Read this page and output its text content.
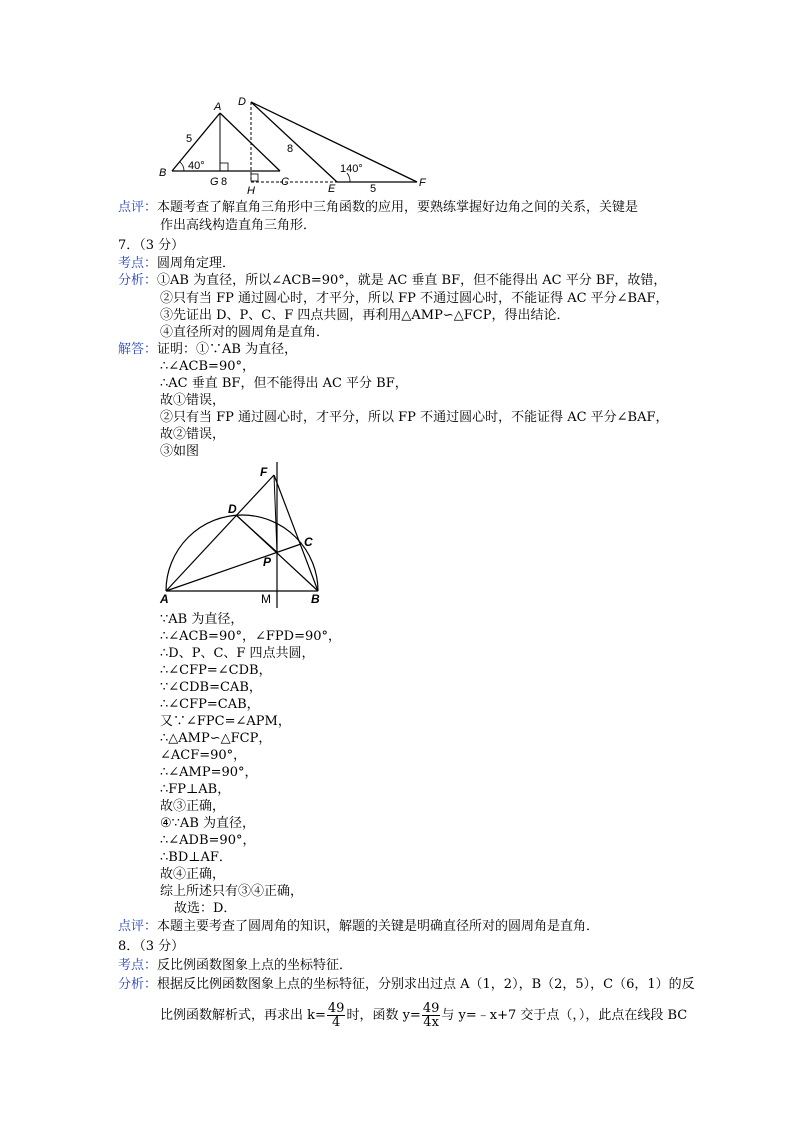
A
B
C
D
G
H	E	F
5
8
8
5
40°	140°
点评：本题考查了解直角三角形中三角函数的应用，要熟练掌握好边角之间的关系，关键是
作出高线构造直角三角形．
7．（3 分）
考点：圆周角定理．
分析：①AB 为直径，所以∠ACB=90°，就是 AC 垂直 BF，但不能得出 AC 平分 BF，故错，
②只有当 FP 通过圆心时，才平分，所以 FP 不通过圆心时，不能证得 AC 平分∠BAF，
③先证出 D、P、C、F 四点共圆，再利用△AMP∽△FCP，得出结论．
④直径所对的圆周角是直角．
解答：证明：①∵AB 为直径，
∴∠ACB=90°，
∴AC 垂直 BF，但不能得出 AC 平分 BF，
故①错误，
②只有当 FP 通过圆心时，才平分，所以 FP 不通过圆心时，不能证得 AC 平分∠BAF，
故②错误，
③如图
F
D
C
P
A	M	B
∵AB 为直径，
∴∠ACB=90°，∠FPD=90°，
∴D、P、C、F 四点共圆，
∴∠CFP=∠CDB，
∵∠CDB=CAB，
∴∠CFP=CAB，
又∵∠FPC=∠APM，
∴△AMP∽△FCP，
∠ACF=90°，
∴∠AMP=90°，
∴FP⊥AB，
故③正确，
④∵AB 为直径，
∴∠ADB=90°，
∴BD⊥AF．
故④正确，
综上所述只有③④正确，
故选：D．
点评：本题主要考查了圆周角的知识，解题的关键是明确直径所对的圆周角是直角．
8．（3 分）
考点：反比例函数图象上点的坐标特征．
分析：根据反比例函数图象上点的坐标特征，分别求出过点 A（1，2），B（2，5），C（6，1）的反
比例函数解析式，再求出 $k= \frac{49}{4}$ 时，函数 $y= \frac{49}{4x}$ 与 y=﹣x+7 交于点（，），此点在线段 BC
